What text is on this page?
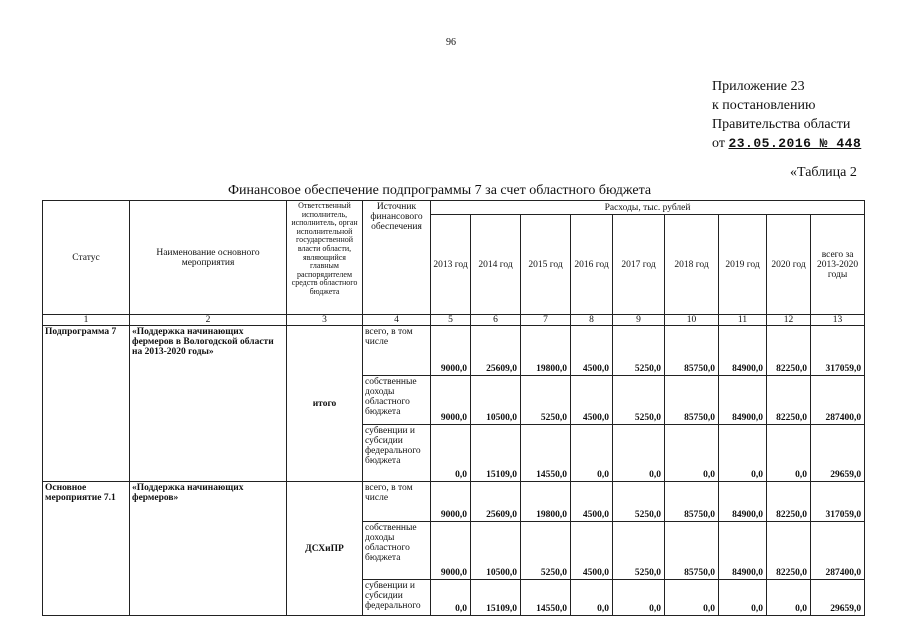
96
Приложение 23
к постановлению
Правительства области
от 23.05.2016 № 448
«Таблица 2
Финансовое обеспечение подпрограммы 7 за счет областного бюджета
Статус	Наименование основного мероприятия	Ответственный исполнитель, исполнитель, орган исполнительной государственной власти области, являющийся главным распорядителем средств областного бюджета	Источник финансового обеспечения	Расходы, тыс. рублей								
				2013 год	2014 год	2015 год	2016 год	2017 год	2018 год	2019 год	2020 год	всего за 2013-2020 годы
1	2	3	4	5	6	7	8	9	10	11	12	13
Подпрограмма 7	«Поддержка начинающих фермеров в Вологодской области на 2013-2020 годы»	итого	всего, в том числе	9000,0	25609,0	19800,0	4500,0	5250,0	85750,0	84900,0	82250,0	317059,0
			собственные доходы областного бюджета	9000,0	10500,0	5250,0	4500,0	5250,0	85750,0	84900,0	82250,0	287400,0
			субвенции и субсидии федерального бюджета	0,0	15109,0	14550,0	0,0	0,0	0,0	0,0	0,0	29659,0
Основное мероприятие 7.1	«Поддержка начинающих фермеров»	ДСХиПР	всего, в том числе	9000,0	25609,0	19800,0	4500,0	5250,0	85750,0	84900,0	82250,0	317059,0
			собственные доходы областного бюджета	9000,0	10500,0	5250,0	4500,0	5250,0	85750,0	84900,0	82250,0	287400,0
			субвенции и субсидии федерального	0,0	15109,0	14550,0	0,0	0,0	0,0	0,0	0,0	29659,0
